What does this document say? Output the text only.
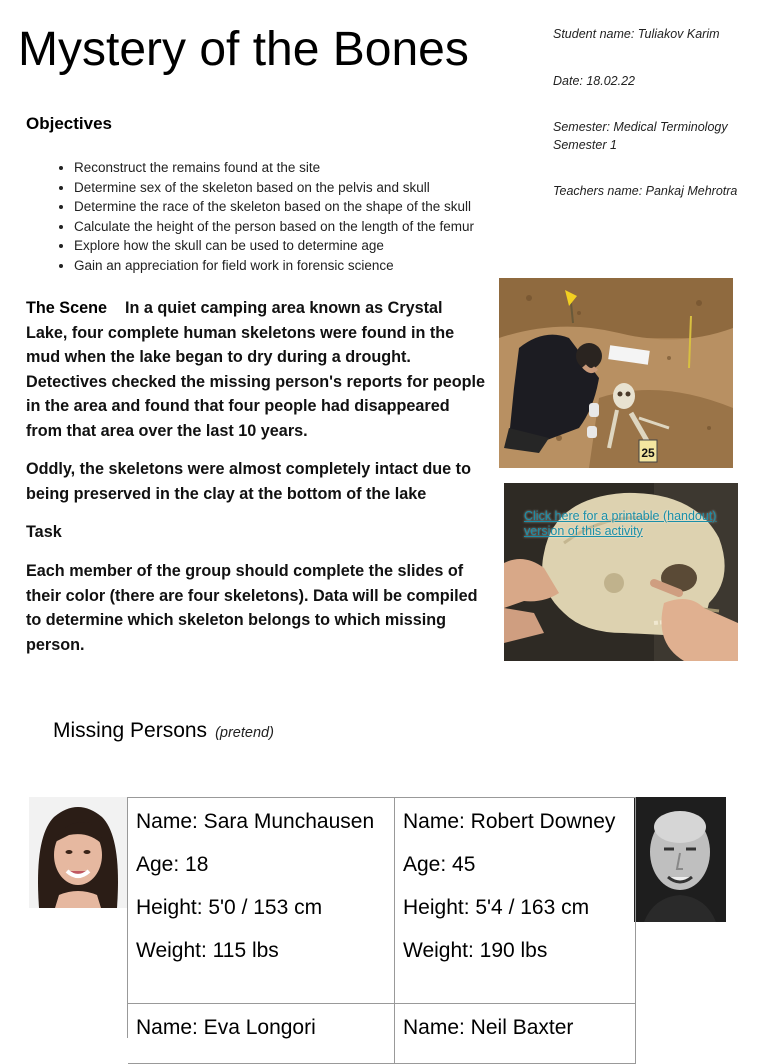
Mystery of the Bones	Student name: Tuliakov Karim
Date: 18.02.22
Semester: Medical Terminology Semester 1
Teachers name: Pankaj Mehrotra
Objectives
• Reconstruct the remains found at the site
• Determine sex of the skeleton based on the pelvis and skull
• Determine the race of the skeleton based on the shape of the skull
• Calculate the height of the person based on the length of the femur
• Explore how the skull can be used to determine age
• Gain an appreciation for field work in forensic science
The Scene In a quiet camping area known as Crystal Lake, four complete human skeletons were found in the mud when the lake began to dry during a drought. Detectives checked the missing person's reports for people in the area and found that four people had disappeared from that area over the last 10 years.
Oddly, the skeletons were almost completely intact due to being preserved in the clay at the bottom of the lake
Task
Each member of the group should complete the slides of their color (there are four skeletons). Data will be compiled to determine which skeleton belongs to which missing person.
25
Click here for a printable (handout) version of this activity
Missing Persons (pretend)

Name: Sara Munchausen

Age: 18

Height: 5'0 / 153 cm

Weight: 115 lbs

Name: Robert Downey

Age: 45

Height: 5'4 / 163 cm

Weight: 190 lbs

Name: Eva Longori	Name: Neil Baxter
